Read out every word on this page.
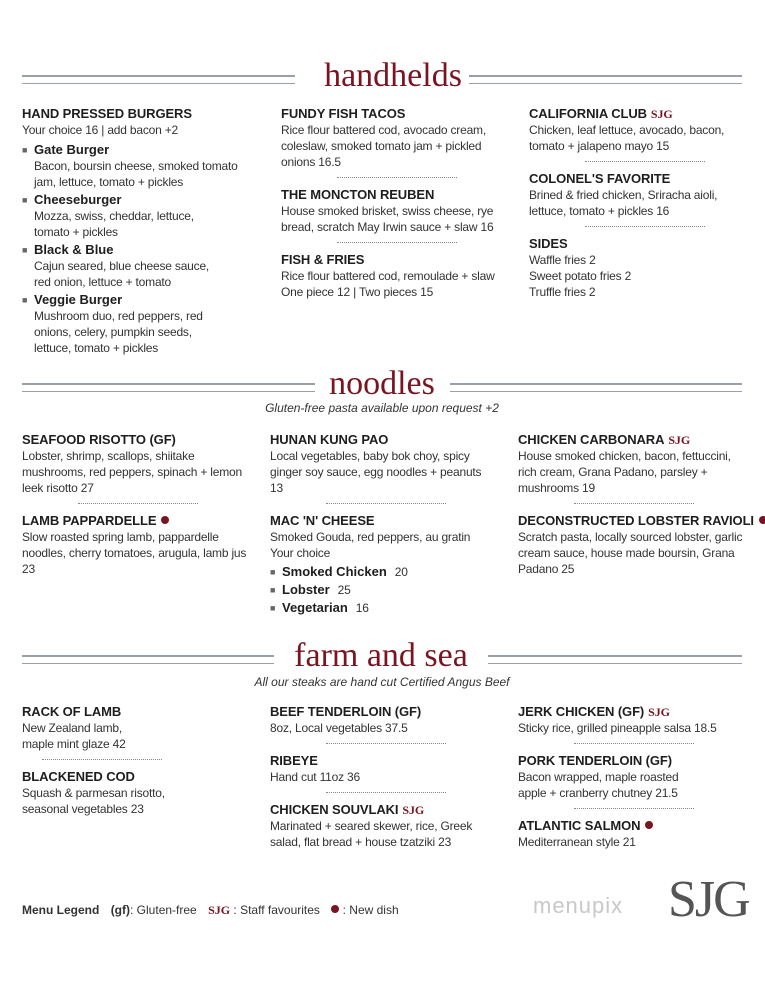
handhelds
HAND PRESSED BURGERS
Your choice 16 | add bacon +2
■ Gate Burger
Bacon, boursin cheese, smoked tomato jam, lettuce, tomato + pickles
■ Cheeseburger
Mozza, swiss, cheddar, lettuce, tomato + pickles
■ Black & Blue
Cajun seared, blue cheese sauce, red onion, lettuce + tomato
■ Veggie Burger
Mushroom duo, red peppers, red onions, celery, pumpkin seeds, lettuce, tomato + pickles
FUNDY FISH TACOS
Rice flour battered cod, avocado cream, coleslaw, smoked tomato jam + pickled onions 16.5
THE MONCTON REUBEN
House smoked brisket, swiss cheese, rye bread, scratch May Irwin sauce + slaw 16
FISH & FRIES
Rice flour battered cod, remoulade + slaw One piece 12 | Two pieces 15
CALIFORNIA CLUB SJG
Chicken, leaf lettuce, avocado, bacon, tomato + jalapeno mayo 15
COLONEL'S FAVORITE
Brined & fried chicken, Sriracha aioli, lettuce, tomato + pickles 16
SIDES
Waffle fries 2
Sweet potato fries 2
Truffle fries 2
noodles
Gluten-free pasta available upon request +2
SEAFOOD RISOTTO (GF)
Lobster, shrimp, scallops, shiitake mushrooms, red peppers, spinach + lemon leek risotto 27
LAMB PAPPARDELLE
Slow roasted spring lamb, pappardelle noodles, cherry tomatoes, arugula, lamb jus 23
HUNAN KUNG PAO
Local vegetables, baby bok choy, spicy ginger soy sauce, egg noodles + peanuts 13
MAC 'N' CHEESE
Smoked Gouda, red peppers, au gratin
Your choice
■ Smoked Chicken 20
■ Lobster 25
■ Vegetarian 16
CHICKEN CARBONARA SJG
House smoked chicken, bacon, fettuccini, rich cream, Grana Padano, parsley + mushrooms 19
DECONSTRUCTED LOBSTER RAVIOLI
Scratch pasta, locally sourced lobster, garlic cream sauce, house made boursin, Grana Padano 25
farm and sea
All our steaks are hand cut Certified Angus Beef
RACK OF LAMB
New Zealand lamb, maple mint glaze 42
BLACKENED COD
Squash & parmesan risotto, seasonal vegetables 23
BEEF TENDERLOIN (GF)
8oz, Local vegetables 37.5
RIBEYE
Hand cut 11oz 36
CHICKEN SOUVLAKI SJG
Marinated + seared skewer, rice, Greek salad, flat bread + house tzatziki 23
JERK CHICKEN (GF) SJG
Sticky rice, grilled pineapple salsa 18.5
PORK TENDERLOIN (GF)
Bacon wrapped, maple roasted apple + cranberry chutney 21.5
ATLANTIC SALMON
Mediterranean style 21
Menu Legend (gf): Gluten-free SJG : Staff favourites : New dish	menupix SJG
